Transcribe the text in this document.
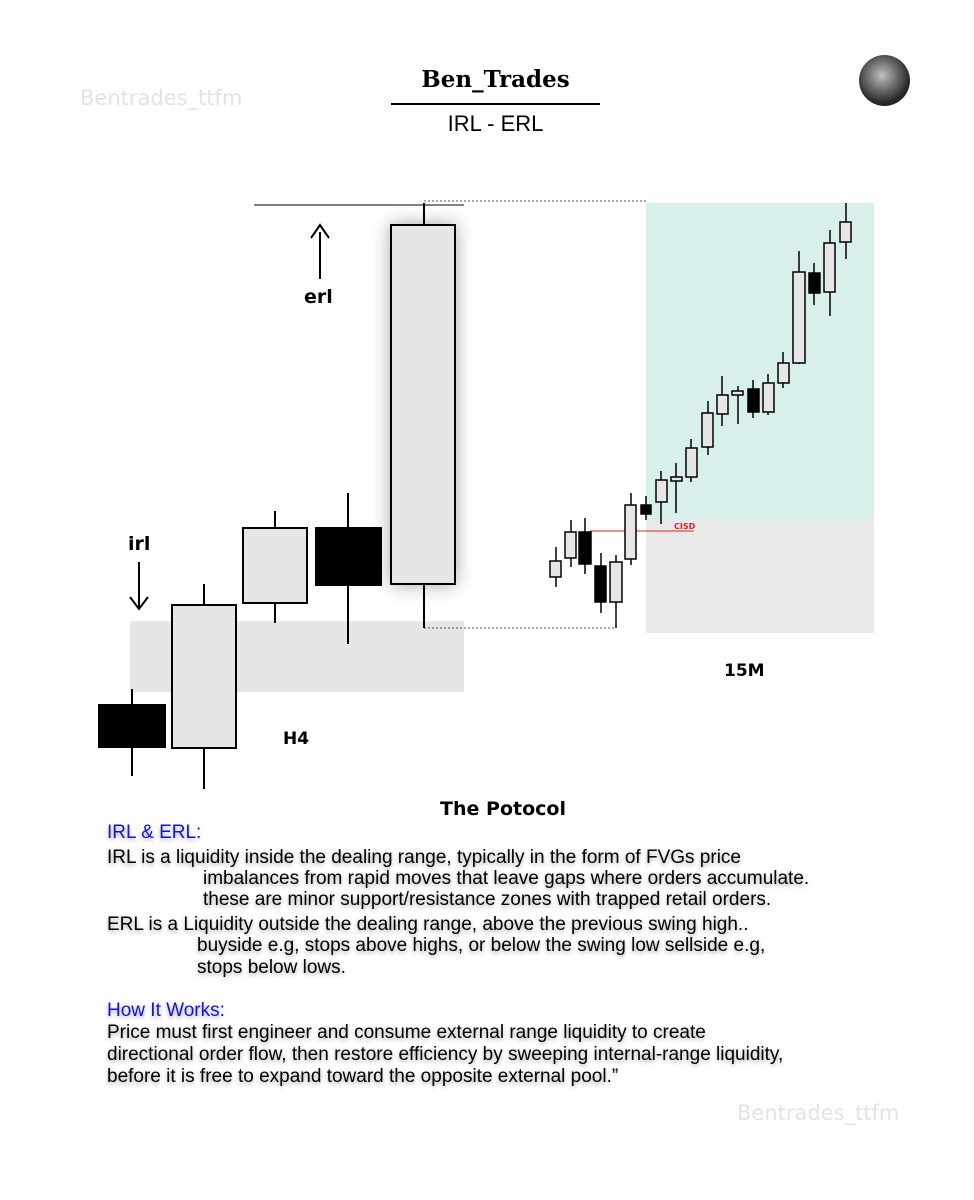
Bentrades_ttfm
Ben_Trades
IRL - ERL
erl
irl
H4
15M
CISD
The Potocol
IRL & ERL:
IRL is a liquidity inside the dealing range, typically in the form of FVGs price
imbalances from rapid moves that leave gaps where orders accumulate.
these are minor support/resistance zones with trapped retail orders.
ERL is a Liquidity outside the dealing range, above the previous swing high..
buyside e.g, stops above highs, or below the swing low sellside e.g,
stops below lows.
How It Works:
Price must first engineer and consume external range liquidity to create
directional order flow, then restore efficiency by sweeping internal-range liquidity,
before it is free to expand toward the opposite external pool.”
Bentrades_ttfm
